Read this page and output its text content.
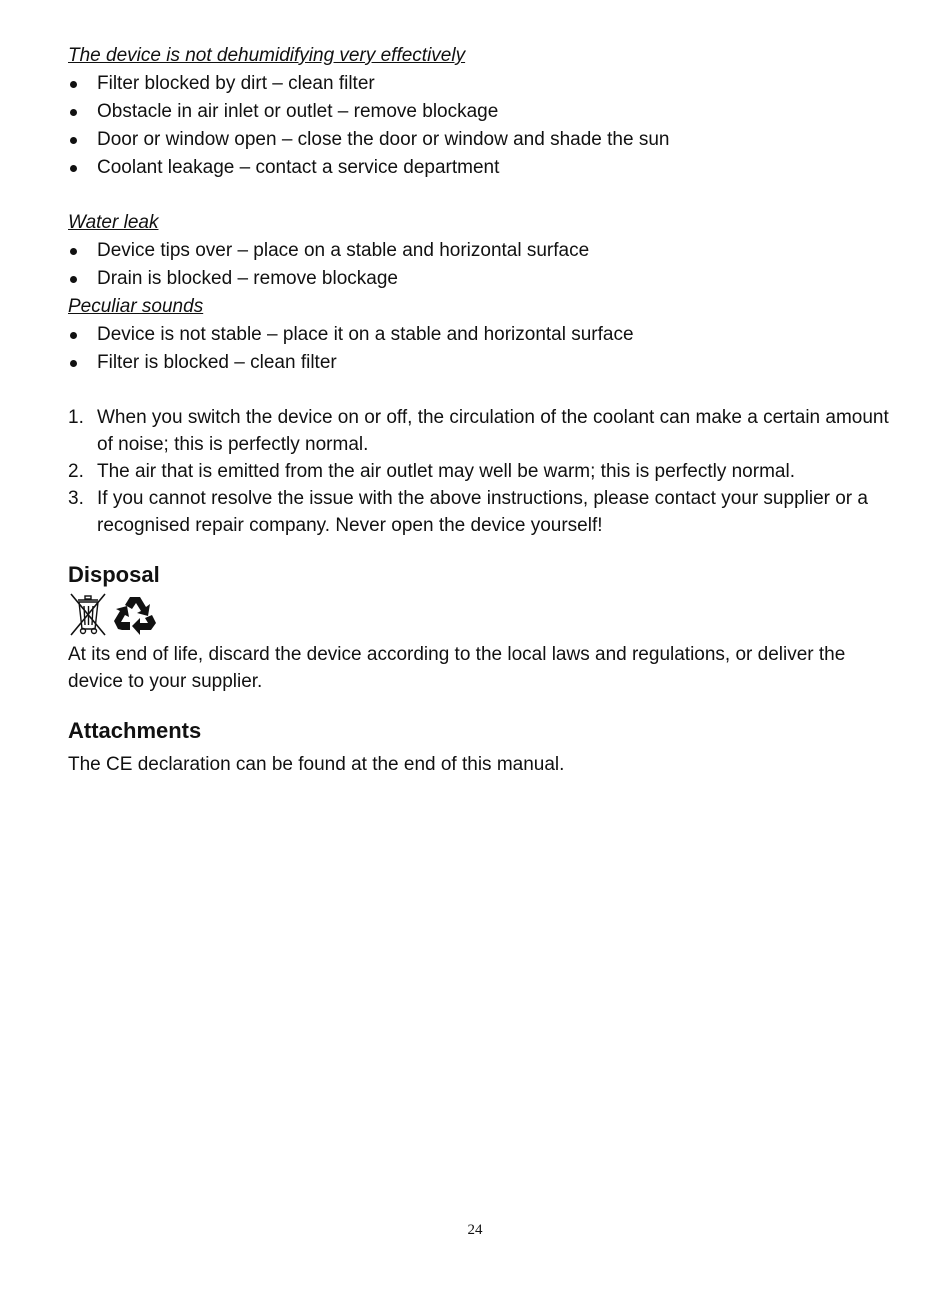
The device is not dehumidifying very effectively
Filter blocked by dirt – clean filter
Obstacle in air inlet or outlet – remove blockage
Door or window open – close the door or window and shade the sun
Coolant leakage – contact a service department
Water leak
Device tips over – place on a stable and horizontal surface
Drain is blocked – remove blockage
Peculiar sounds
Device is not stable – place it on a stable and horizontal surface
Filter is blocked – clean filter
1. When you switch the device on or off, the circulation of the coolant can make a certain amount of noise; this is perfectly normal.
2. The air that is emitted from the air outlet may well be warm; this is perfectly normal.
3. If you cannot resolve the issue with the above instructions, please contact your supplier or a recognised repair company. Never open the device yourself!
Disposal

At its end of life, discard the device according to the local laws and regulations, or deliver the device to your supplier.

Attachments

The CE declaration can be found at the end of this manual.

24
